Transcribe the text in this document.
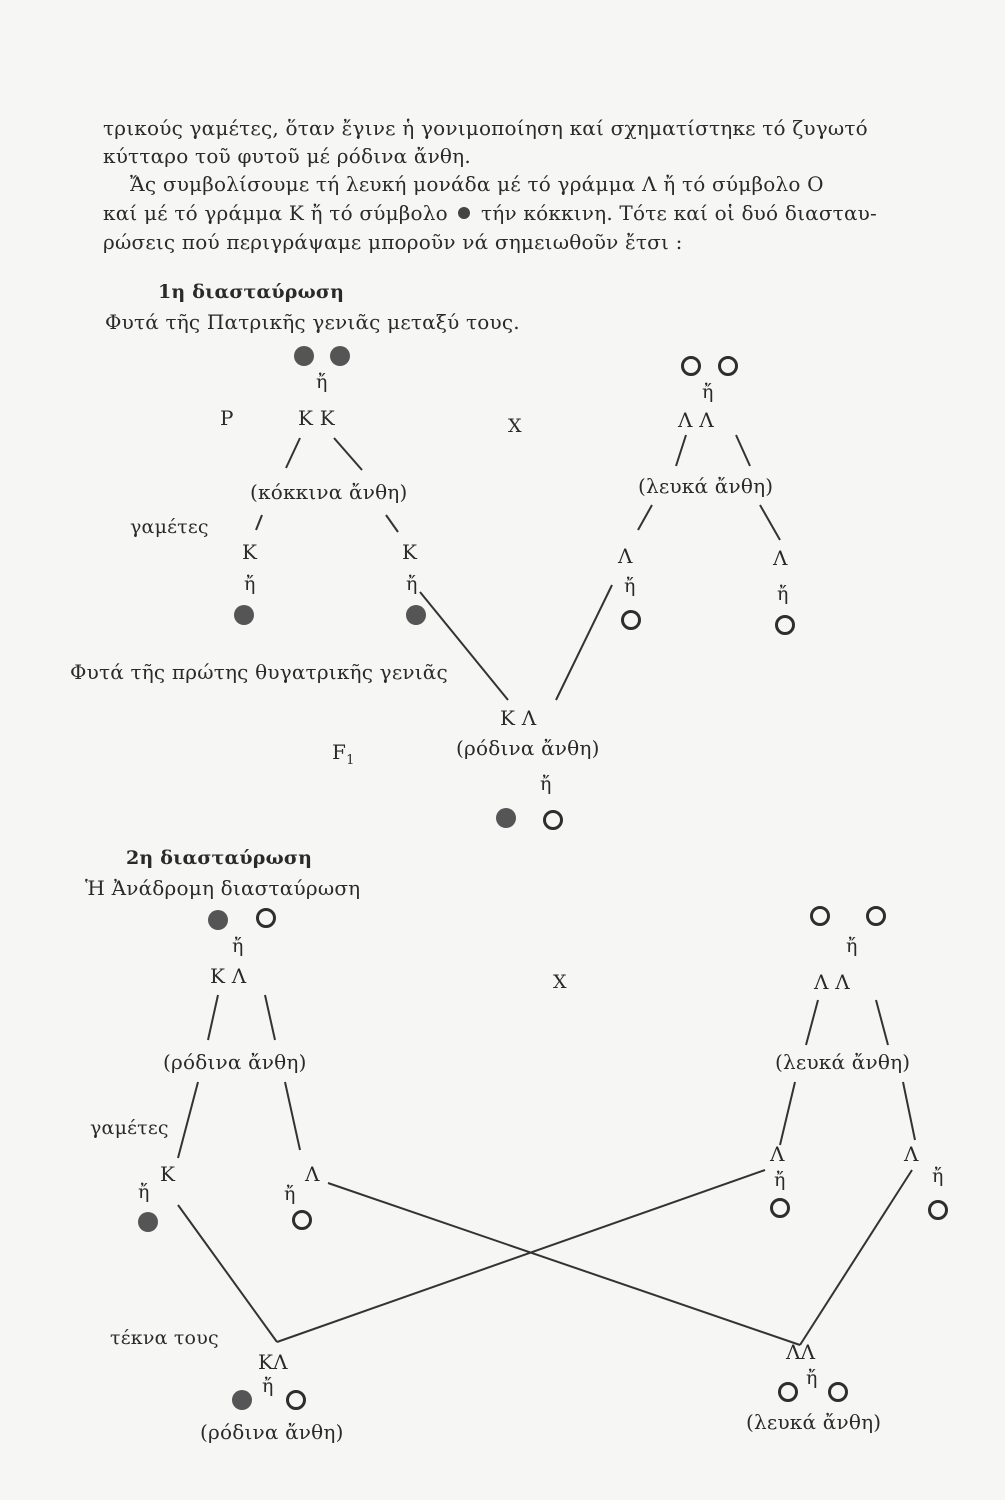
τρικούς γαμέτες, ὅταν ἔγινε ἡ γονιμοποίηση καί σχηματίστηκε τό ζυγωτό
κύτταρο τοῦ φυτοῦ μέ ρόδινα ἄνθη.
Ἄς συμβολίσουμε τή λευκή μονάδα μέ τό γράμμα Λ ἤ τό σύμβολο Ο
καί μέ τό γράμμα Κ ἤ τό σύμβολο τήν κόκκινη. Τότε καί οἱ δυό διασταυ-
ρώσεις πού περιγράψαμε μποροῦν νά σημειωθοῦν ἔτσι :
1η διασταύρωση
Φυτά τῆς Πατρικῆς γενιᾶς μεταξύ τους.
ἤ
Ρ	Κ Κ	Χ
(κόκκινα ἄνθη)
γαμέτες
Κ	Κ
ἤ	ἤ
ἤ
Λ Λ
(λευκά ἄνθη)
Λ	Λ
ἤ	ἤ
Φυτά τῆς πρώτης θυγατρικῆς γενιᾶς
Κ Λ
$F_1$
(ρόδινα ἄνθη)
ἤ
2η διασταύρωση
Ἡ Ἀνάδρομη διασταύρωση
ἤ
Κ Λ	Χ
(ρόδινα ἄνθη)
γαμέτες
Κ
ἤ
Λ
ἤ
ἤ
Λ Λ
(λευκά ἄνθη)
Λ
ἤ
Λ
ἤ
τέκνα τους
ΚΛ
ἤ
(ρόδινα ἄνθη)
ΛΛ
ἤ
(λευκά ἄνθη)
